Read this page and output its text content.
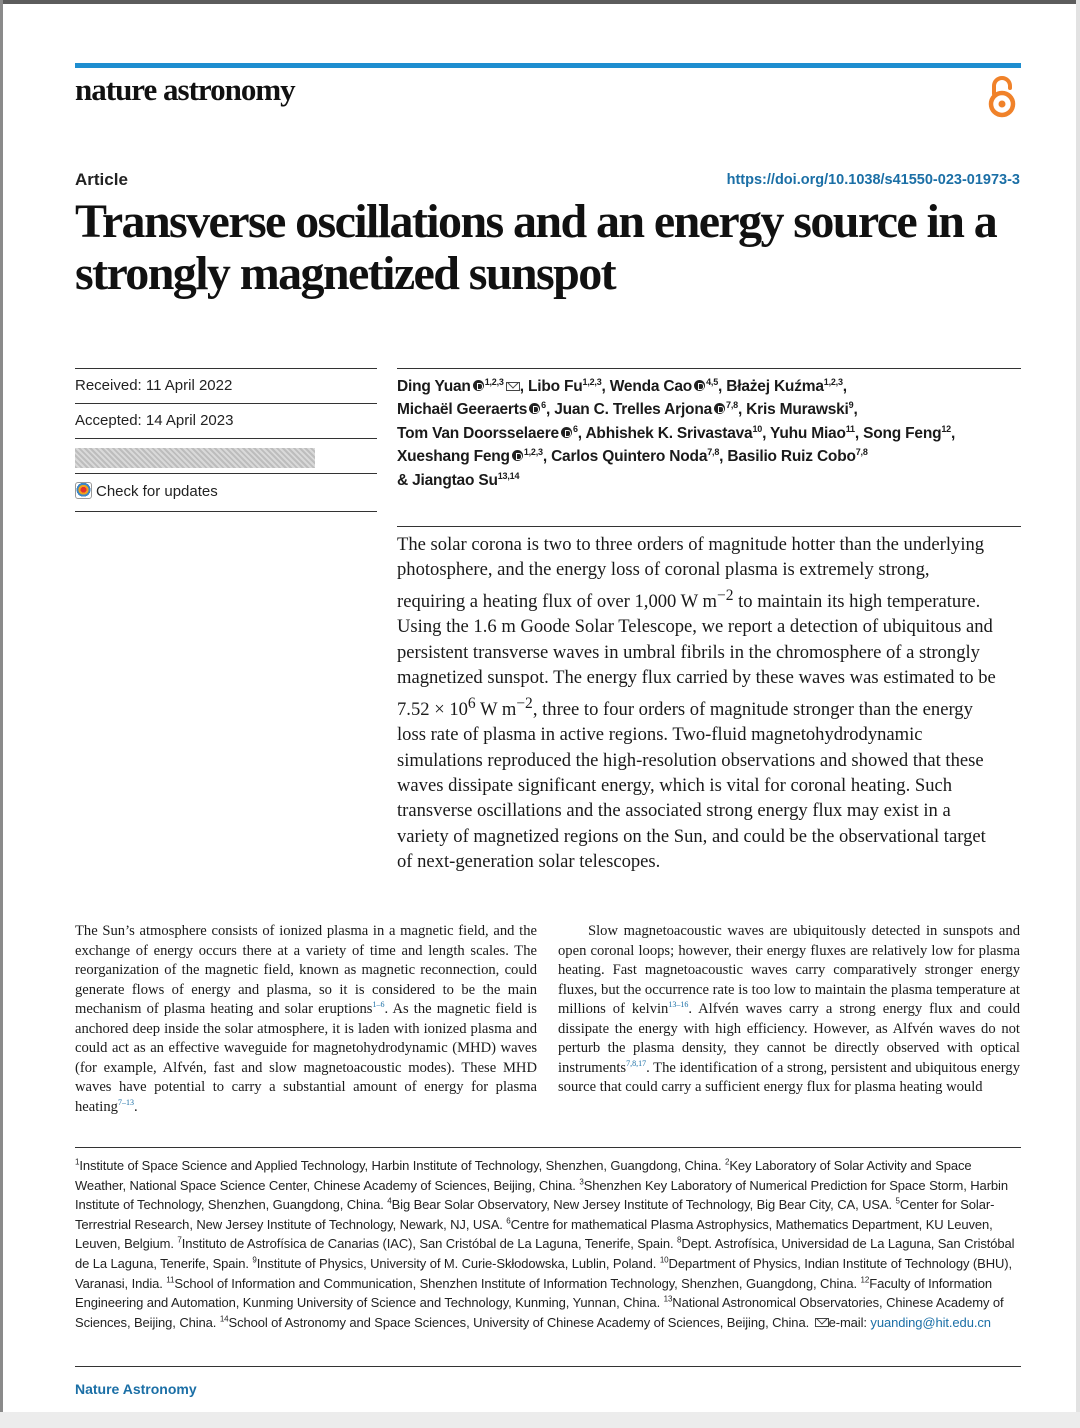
nature astronomy
Article	https://doi.org/10.1038/s41550-023-01973-3
Transverse oscillations and an energy source in a strongly magnetized sunspot
Received: 11 April 2022
Accepted: 14 April 2023
Check for updates
Ding Yuan $^{1,2,3}$ , Libo Fu$^{1,2,3}$, Wenda Cao $^{4,5}$, Błażej Kuźma$^{1,2,3}$,
Michaël Geeraerts $^6$, Juan C. Trelles Arjona $^{7,8}$, Kris Murawski$^9$,
Tom Van Doorsselaere $^6$, Abhishek K. Srivastava$^{10}$, Yuhu Miao$^{11}$, Song Feng$^{12}$,
Xueshang Feng $^{1,2,3}$, Carlos Quintero Noda$^{7,8}$, Basilio Ruiz Cobo$^{7,8}$
& Jiangtao Su$^{13,14}$

The solar corona is two to three orders of magnitude hotter than the underlying photosphere, and the energy loss of coronal plasma is extremely strong, requiring a heating flux of over 1,000 W $m^{-2}$ to maintain its high temperature. Using the 1.6 m Goode Solar Telescope, we report a detection of ubiquitous and persistent transverse waves in umbral fibrils in the chromosphere of a strongly magnetized sunspot. The energy flux carried by these waves was estimated to be $7.52 \times 10^6$ W $m^{-2}$, three to four orders of magnitude stronger than the energy loss rate of plasma in active regions. Two-fluid magnetohydrodynamic simulations reproduced the high-resolution observations and showed that these waves dissipate significant energy, which is vital for coronal heating. Such transverse oscillations and the associated strong energy flux may exist in a variety of magnetized regions on the Sun, and could be the observational target of next-generation solar telescopes.

The Sun’s atmosphere consists of ionized plasma in a magnetic field, and the exchange of energy occurs there at a variety of time and length scales. The reorganization of the magnetic field, known as magnetic reconnection, could generate flows of energy and plasma, so it is considered to be the main mechanism of plasma heating and solar eruptions$^{1-6}$. As the magnetic field is anchored deep inside the solar atmosphere, it is laden with ionized plasma and could act as an effective waveguide for magnetohydrodynamic (MHD) waves (for example, Alfvén, fast and slow magnetoacoustic modes). These MHD waves have potential to carry a substantial amount of energy for plasma heating$^{7-13}$.

Slow magnetoacoustic waves are ubiquitously detected in sunspots and open coronal loops; however, their energy fluxes are relatively low for plasma heating. Fast magnetoacoustic waves carry comparatively stronger energy fluxes, but the occurrence rate is too low to maintain the plasma temperature at millions of kelvin$^{13-16}$. Alfvén waves carry a strong energy flux and could dissipate the energy with high efficiency. However, as Alfvén waves do not perturb the plasma density, they cannot be directly observed with optical instruments$^{7,8,17}$. The identification of a strong, persistent and ubiquitous energy source that could carry a sufficient energy flux for plasma heating would

$^1$Institute of Space Science and Applied Technology, Harbin Institute of Technology, Shenzhen, Guangdong, China. $^2$Key Laboratory of Solar Activity and Space Weather, National Space Science Center, Chinese Academy of Sciences, Beijing, China. $^3$Shenzhen Key Laboratory of Numerical Prediction for Space Storm, Harbin Institute of Technology, Shenzhen, Guangdong, China. $^4$Big Bear Solar Observatory, New Jersey Institute of Technology, Big Bear City, CA, USA. $^5$Center for Solar-Terrestrial Research, New Jersey Institute of Technology, Newark, NJ, USA. $^6$Centre for mathematical Plasma Astrophysics, Mathematics Department, KU Leuven, Leuven, Belgium. $^7$Instituto de Astrofísica de Canarias (IAC), San Cristóbal de La Laguna, Tenerife, Spain. $^8$Dept. Astrofísica, Universidad de La Laguna, San Cristóbal de La Laguna, Tenerife, Spain. $^9$Institute of Physics, University of M. Curie-Skłodowska, Lublin, Poland. $^{10}$Department of Physics, Indian Institute of Technology (BHU), Varanasi, India. $^{11}$School of Information and Communication, Shenzhen Institute of Information Technology, Shenzhen, Guangdong, China. $^{12}$Faculty of Information Engineering and Automation, Kunming University of Science and Technology, Kunming, Yunnan, China. $^{13}$National Astronomical Observatories, Chinese Academy of Sciences, Beijing, China. $^{14}$School of Astronomy and Space Sciences, University of Chinese Academy of Sciences, Beijing, China. e-mail: yuanding@hit.edu.cn

Nature Astronomy
